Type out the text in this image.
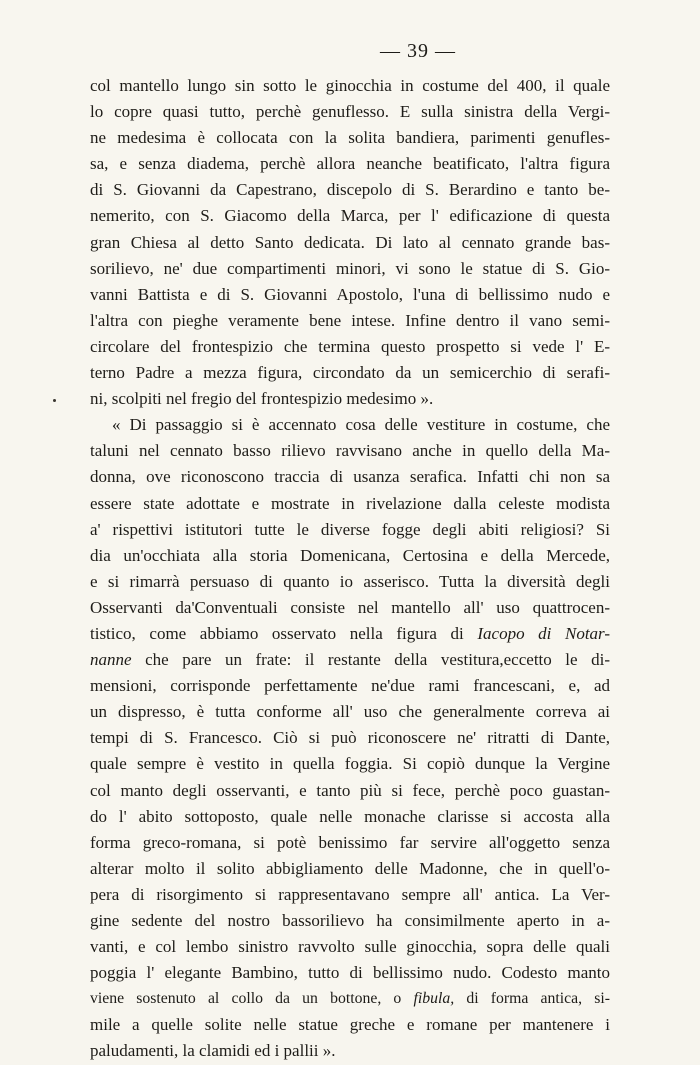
— 39 —
col mantello lungo sin sotto le ginocchia in costume del 400, il quale
lo copre quasi tutto, perchè genuflesso. E sulla sinistra della Vergi-
ne medesima è collocata con la solita bandiera, parimenti genufles-
sa, e senza diadema, perchè allora neanche beatificato, l'altra figura
di S. Giovanni da Capestrano, discepolo di S. Berardino e tanto be-
nemerito, con S. Giacomo della Marca, per l' edificazione di questa
gran Chiesa al detto Santo dedicata. Di lato al cennato grande bas-
sorilievo, ne' due compartimenti minori, vi sono le statue di S. Gio-
vanni Battista e di S. Giovanni Apostolo, l'una di bellissimo nudo e
l'altra con pieghe veramente bene intese. Infine dentro il vano semi-
circolare del frontespizio che termina questo prospetto si vede l' E-
terno Padre a mezza figura, circondato da un semicerchio di serafi-
ni, scolpiti nel fregio del frontespizio medesimo ».
« Di passaggio si è accennato cosa delle vestiture in costume, che
taluni nel cennato basso rilievo ravvisano anche in quello della Ma-
donna, ove riconoscono traccia di usanza serafica. Infatti chi non sa
essere state adottate e mostrate in rivelazione dalla celeste modista
a' rispettivi istitutori tutte le diverse fogge degli abiti religiosi? Si
dia un'occhiata alla storia Domenicana, Certosina e della Mercede,
e si rimarrà persuaso di quanto io asserisco. Tutta la diversità degli
Osservanti da'Conventuali consiste nel mantello all' uso quattrocen-
tistico, come abbiamo osservato nella figura di Iacopo di Notar-
nanne che pare un frate: il restante della vestitura,eccetto le di-
mensioni, corrisponde perfettamente ne'due rami francescani, e, ad
un dispresso, è tutta conforme all' uso che generalmente correva ai
tempi di S. Francesco. Ciò si può riconoscere ne' ritratti di Dante,
quale sempre è vestito in quella foggia. Si copiò dunque la Vergine
col manto degli osservanti, e tanto più si fece, perchè poco guastan-
do l' abito sottoposto, quale nelle monache clarisse si accosta alla
forma greco-romana, si potè benissimo far servire all'oggetto senza
alterar molto il solito abbigliamento delle Madonne, che in quell'o-
pera di risorgimento si rappresentavano sempre all' antica. La Ver-
gine sedente del nostro bassorilievo ha consimilmente aperto in a-
vanti, e col lembo sinistro ravvolto sulle ginocchia, sopra delle quali
poggia l' elegante Bambino, tutto di bellissimo nudo. Codesto manto
viene sostenuto al collo da un bottone, o fibula, di forma antica, si-
mile a quelle solite nelle statue greche e romane per mantenere i
paludamenti, la clamidi ed i pallii ».
